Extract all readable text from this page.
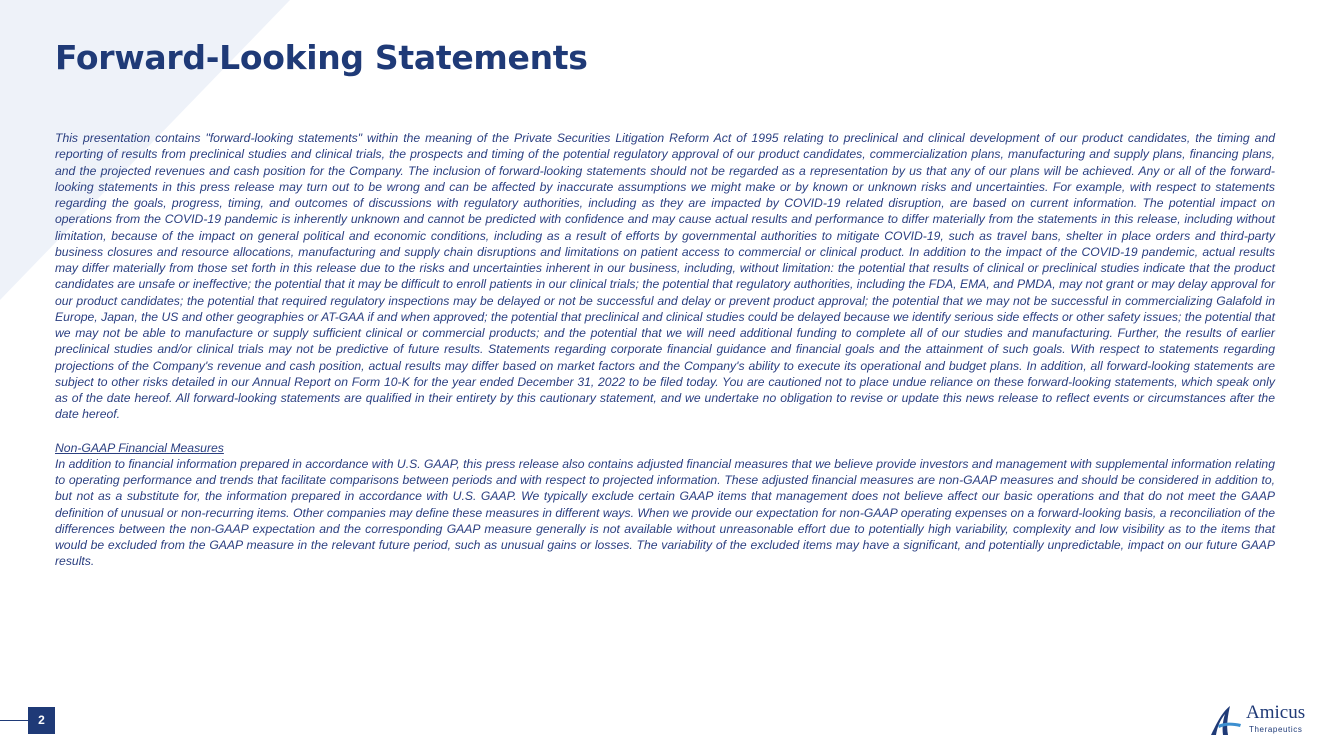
Forward-Looking Statements

This presentation contains "forward-looking statements" within the meaning of the Private Securities Litigation Reform Act of 1995 relating to preclinical and clinical development of our product candidates, the timing and reporting of results from preclinical studies and clinical trials, the prospects and timing of the potential regulatory approval of our product candidates, commercialization plans, manufacturing and supply plans, financing plans, and the projected revenues and cash position for the Company. The inclusion of forward-looking statements should not be regarded as a representation by us that any of our plans will be achieved. Any or all of the forward-looking statements in this press release may turn out to be wrong and can be affected by inaccurate assumptions we might make or by known or unknown risks and uncertainties. For example, with respect to statements regarding the goals, progress, timing, and outcomes of discussions with regulatory authorities, including as they are impacted by COVID-19 related disruption, are based on current information. The potential impact on operations from the COVID-19 pandemic is inherently unknown and cannot be predicted with confidence and may cause actual results and performance to differ materially from the statements in this release, including without limitation, because of the impact on general political and economic conditions, including as a result of efforts by governmental authorities to mitigate COVID-19, such as travel bans, shelter in place orders and third-party business closures and resource allocations, manufacturing and supply chain disruptions and limitations on patient access to commercial or clinical product. In addition to the impact of the COVID-19 pandemic, actual results may differ materially from those set forth in this release due to the risks and uncertainties inherent in our business, including, without limitation: the potential that results of clinical or preclinical studies indicate that the product candidates are unsafe or ineffective; the potential that it may be difficult to enroll patients in our clinical trials; the potential that regulatory authorities, including the FDA, EMA, and PMDA, may not grant or may delay approval for our product candidates; the potential that required regulatory inspections may be delayed or not be successful and delay or prevent product approval; the potential that we may not be successful in commercializing Galafold in Europe, Japan, the US and other geographies or AT-GAA if and when approved; the potential that preclinical and clinical studies could be delayed because we identify serious side effects or other safety issues; the potential that we may not be able to manufacture or supply sufficient clinical or commercial products; and the potential that we will need additional funding to complete all of our studies and manufacturing. Further, the results of earlier preclinical studies and/or clinical trials may not be predictive of future results. Statements regarding corporate financial guidance and financial goals and the attainment of such goals. With respect to statements regarding projections of the Company's revenue and cash position, actual results may differ based on market factors and the Company's ability to execute its operational and budget plans. In addition, all forward-looking statements are subject to other risks detailed in our Annual Report on Form 10-K for the year ended December 31, 2022 to be filed today. You are cautioned not to place undue reliance on these forward-looking statements, which speak only as of the date hereof. All forward-looking statements are qualified in their entirety by this cautionary statement, and we undertake no obligation to revise or update this news release to reflect events or circumstances after the date hereof.

Non-GAAP Financial Measures

In addition to financial information prepared in accordance with U.S. GAAP, this press release also contains adjusted financial measures that we believe provide investors and management with supplemental information relating to operating performance and trends that facilitate comparisons between periods and with respect to projected information. These adjusted financial measures are non-GAAP measures and should be considered in addition to, but not as a substitute for, the information prepared in accordance with U.S. GAAP. We typically exclude certain GAAP items that management does not believe affect our basic operations and that do not meet the GAAP definition of unusual or non-recurring items. Other companies may define these measures in different ways. When we provide our expectation for non-GAAP operating expenses on a forward-looking basis, a reconciliation of the differences between the non-GAAP expectation and the corresponding GAAP measure generally is not available without unreasonable effort due to potentially high variability, complexity and low visibility as to the items that would be excluded from the GAAP measure in the relevant future period, such as unusual gains or losses. The variability of the excluded items may have a significant, and potentially unpredictable, impact on our future GAAP results.

2	Amicus
Therapeutics
